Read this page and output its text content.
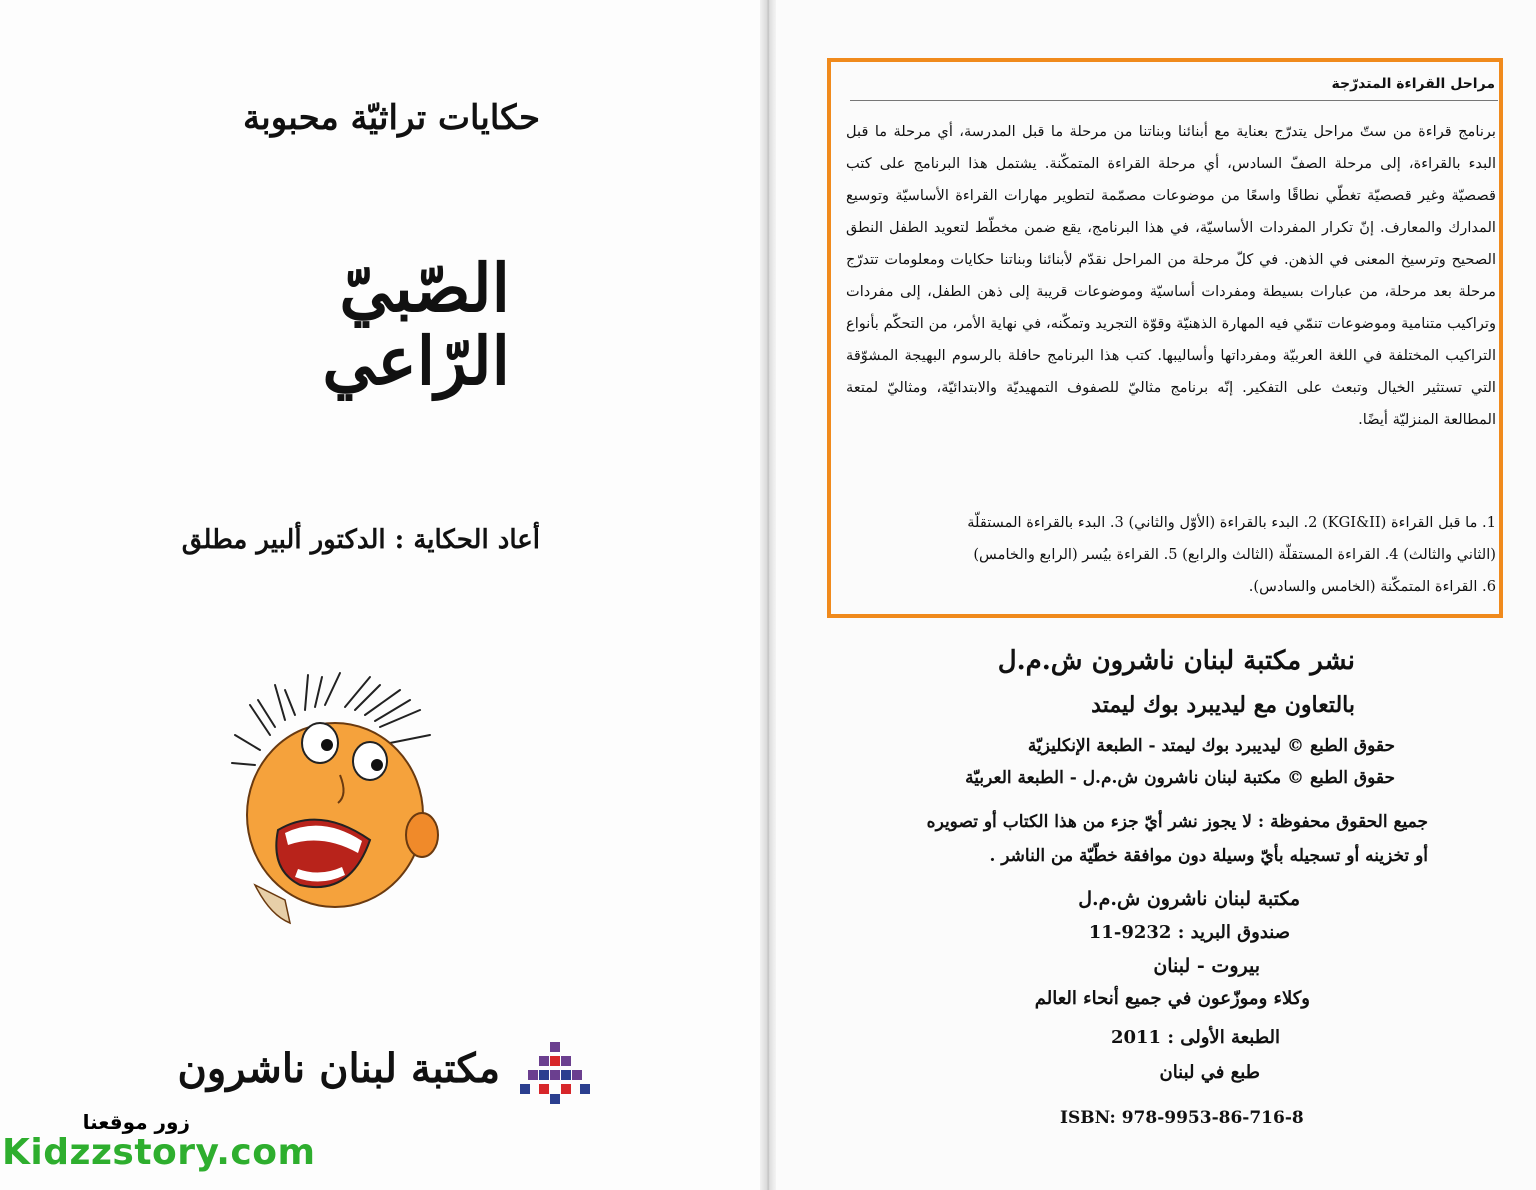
حكايات تراثيّة محبوبة
الصّبيّ
الرّاعي
أعاد الحكاية : الدكتور ألبير مطلق
مكتبة لبنان ناشرون
زور موقعنا
Kidzzstory.com
مراحل القراءة المتدرّجة
برنامج قراءة من ستّ مراحل يتدرّج بعناية مع أبنائنا وبناتنا من مرحلة ما قبل المدرسة، أي مرحلة ما قبل البدء بالقراءة، إلى مرحلة الصفّ السادس، أي مرحلة القراءة المتمكّنة. يشتمل هذا البرنامج على كتب قصصيّة وغير قصصيّة تغطّي نطاقًا واسعًا من موضوعات مصمّمة لتطوير مهارات القراءة الأساسيّة وتوسيع المدارك والمعارف. إنّ تكرار المفردات الأساسيّة، في هذا البرنامج، يقع ضمن مخطّط لتعويد الطفل النطق الصحيح وترسيخ المعنى في الذهن. في كلّ مرحلة من المراحل نقدّم لأبنائنا وبناتنا حكايات ومعلومات تتدرّج مرحلة بعد مرحلة، من عبارات بسيطة ومفردات أساسيّة وموضوعات قريبة إلى ذهن الطفل، إلى مفردات وتراكيب متنامية وموضوعات تنمّي فيه المهارة الذهنيّة وقوّة التجريد وتمكّنه، في نهاية الأمر، من التحكّم بأنواع التراكيب المختلفة في اللغة العربيّة ومفرداتها وأساليبها. كتب هذا البرنامج حافلة بالرسوم البهيجة المشوّقة التي تستثير الخيال وتبعث على التفكير. إنّه برنامج مثاليّ للصفوف التمهيديّة والابتدائيّة، ومثاليّ لمتعة المطالعة المنزليّة أيضًا.
1. ما قبل القراءة (KGI&II) 2. البدء بالقراءة (الأوّل والثاني) 3. البدء بالقراءة المستقلّة
(الثاني والثالث) 4. القراءة المستقلّة (الثالث والرابع) 5. القراءة بيُسر (الرابع والخامس)
6. القراءة المتمكّنة (الخامس والسادس).
نشر مكتبة لبنان ناشرون ش.م.ل
بالتعاون مع ليديبرد بوك ليمتد
حقوق الطبع © ليديبرد بوك ليمتد - الطبعة الإنكليزيّة
حقوق الطبع © مكتبة لبنان ناشرون ش.م.ل - الطبعة العربيّة
جميع الحقوق محفوظة : لا يجوز نشر أيّ جزء من هذا الكتاب أو تصويره
أو تخزينه أو تسجيله بأيّ وسيلة دون موافقة خطّيّة من الناشر .
مكتبة لبنان ناشرون ش.م.ل
صندوق البريد : 9232-11
بيروت - لبنان
وكلاء وموزّعون في جميع أنحاء العالم
الطبعة الأولى : 2011
طبع في لبنان
ISBN: 978-9953-86-716-8
